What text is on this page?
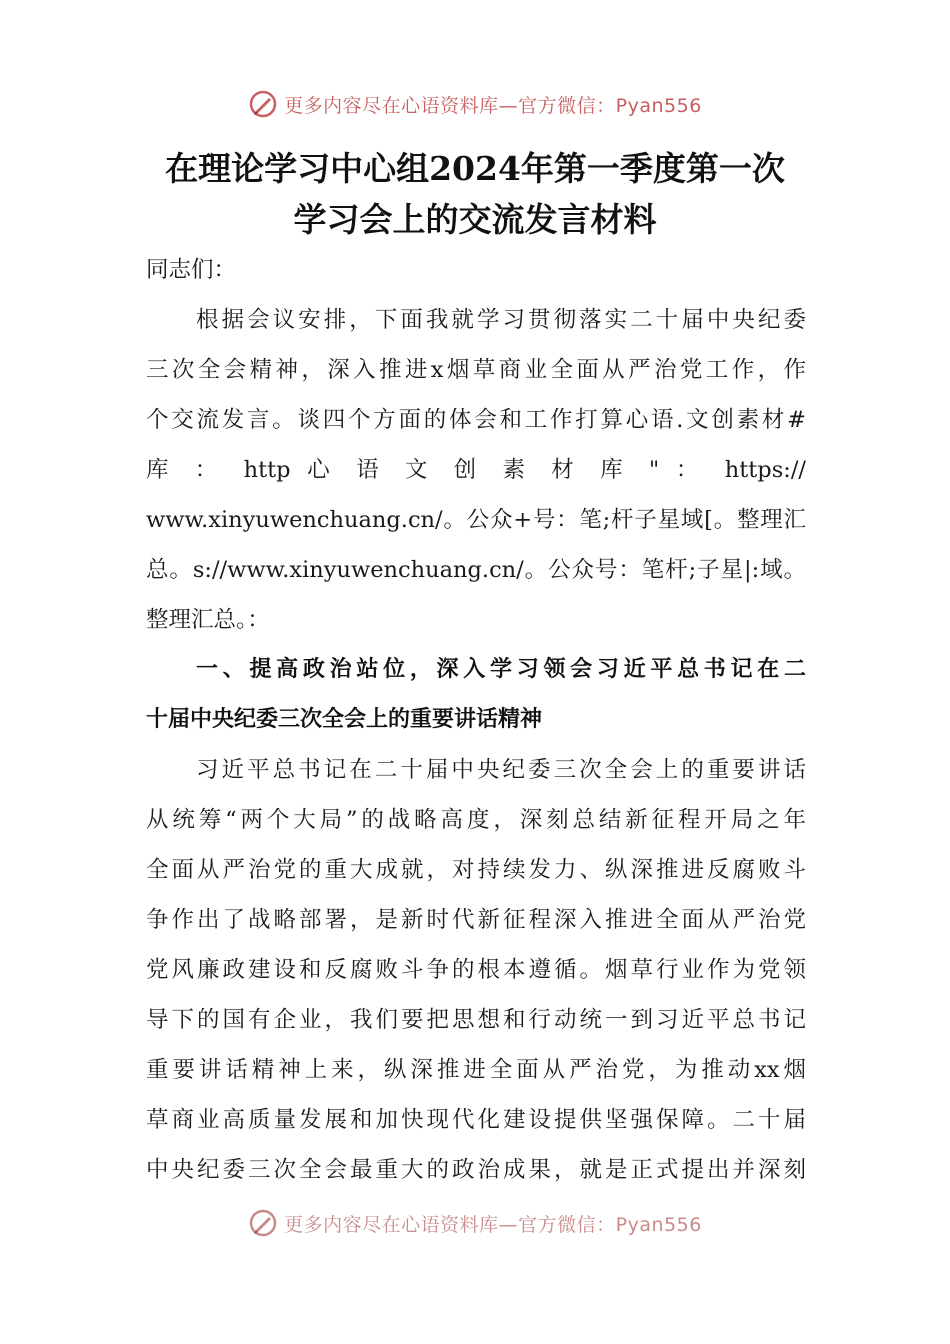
更多内容尽在心语资料库—官方微信：Pyan556
在理论学习中心组2024年第一季度第一次
学习会上的交流发言材料
同志们：
根据会议安排，下面我就学习贯彻落实二十届中央纪委
三次全会精神，深入推进x烟草商业全面从严治党工作，作
个交流发言。谈四个方面的体会和工作打算心语.文创素材#
库 ： http 心 语 文 创 素 材 库 " ： https://
www.xinyuwenchuang.cn/。公众+号：笔;杆子星域[。整理汇
总。s://www.xinyuwenchuang.cn/。公众号：笔杆;子星|:域。
整理汇总。：
一、提高政治站位，深入学习领会习近平总书记在二
十届中央纪委三次全会上的重要讲话精神
习近平总书记在二十届中央纪委三次全会上的重要讲话
从统筹“两个大局”的战略高度，深刻总结新征程开局之年
全面从严治党的重大成就，对持续发力、纵深推进反腐败斗
争作出了战略部署，是新时代新征程深入推进全面从严治党
党风廉政建设和反腐败斗争的根本遵循。烟草行业作为党领
导下的国有企业，我们要把思想和行动统一到习近平总书记
重要讲话精神上来，纵深推进全面从严治党，为推动xx烟
草商业高质量发展和加快现代化建设提供坚强保障。二十届
中央纪委三次全会最重大的政治成果，就是正式提出并深刻
更多内容尽在心语资料库—官方微信：Pyan556
